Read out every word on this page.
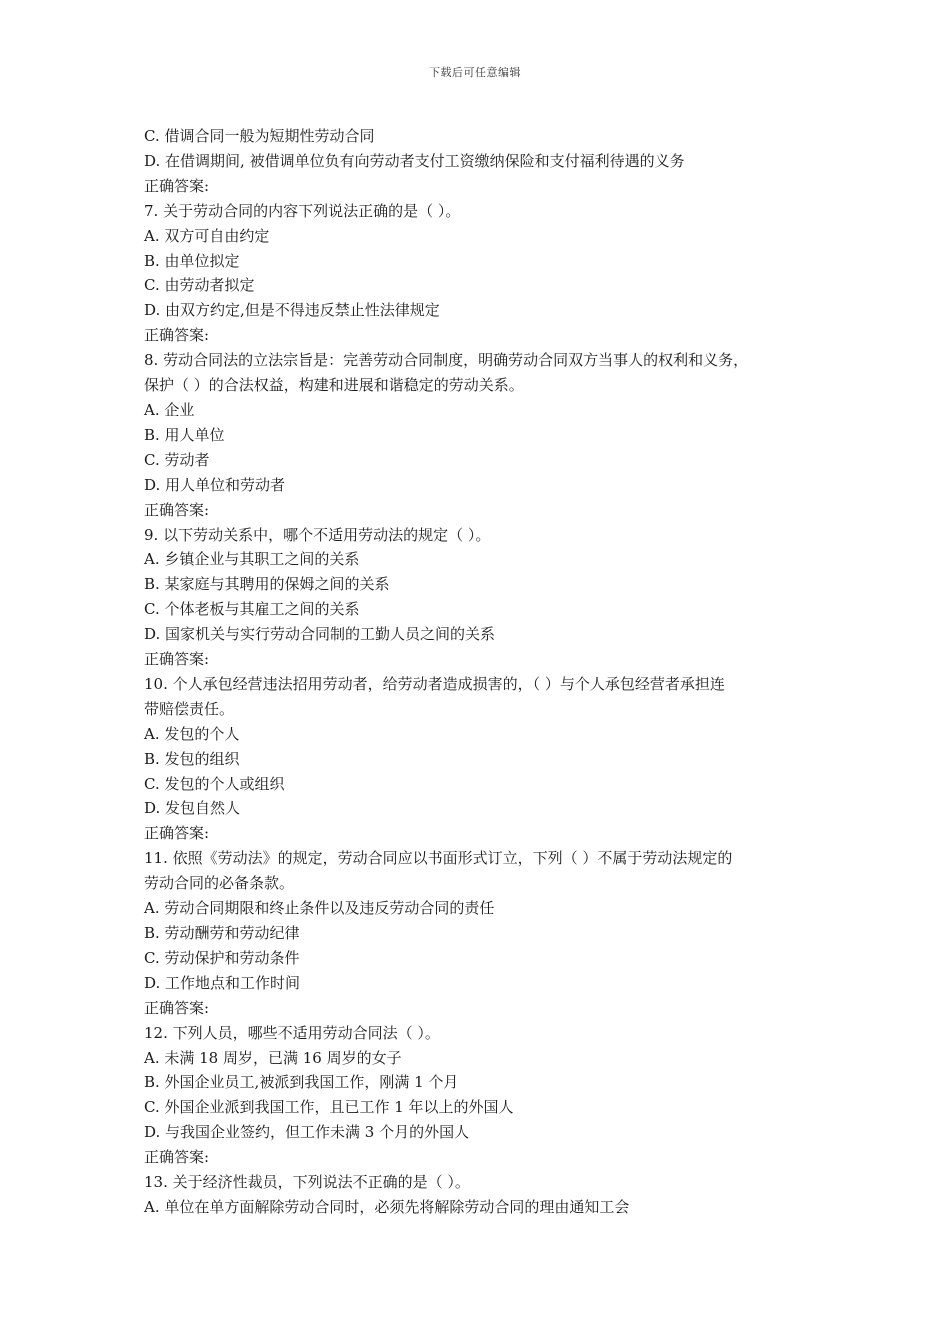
下载后可任意编辑
C. 借调合同一般为短期性劳动合同
D. 在借调期间, 被借调单位负有向劳动者支付工资缴纳保险和支付福利待遇的义务
正确答案:
7. 关于劳动合同的内容下列说法正确的是（ ）。
A. 双方可自由约定
B. 由单位拟定
C. 由劳动者拟定
D. 由双方约定,但是不得违反禁止性法律规定
正确答案:
8. 劳动合同法的立法宗旨是：完善劳动合同制度，明确劳动合同双方当事人的权利和义务，
保护（ ）的合法权益，构建和进展和谐稳定的劳动关系。
A. 企业
B. 用人单位
C. 劳动者
D. 用人单位和劳动者
正确答案:
9. 以下劳动关系中，哪个不适用劳动法的规定（ ）。
A. 乡镇企业与其职工之间的关系
B. 某家庭与其聘用的保姆之间的关系
C. 个体老板与其雇工之间的关系
D. 国家机关与实行劳动合同制的工勤人员之间的关系
正确答案:
10. 个人承包经营违法招用劳动者，给劳动者造成损害的，（ ）与个人承包经营者承担连
带赔偿责任。
A. 发包的个人
B. 发包的组织
C. 发包的个人或组织
D. 发包自然人
正确答案:
11. 依照《劳动法》的规定，劳动合同应以书面形式订立，下列（ ）不属于劳动法规定的
劳动合同的必备条款。
A. 劳动合同期限和终止条件以及违反劳动合同的责任
B. 劳动酬劳和劳动纪律
C. 劳动保护和劳动条件
D. 工作地点和工作时间
正确答案:
12. 下列人员，哪些不适用劳动合同法（ ）。
A. 未满 18 周岁，已满 16 周岁的女子
B. 外国企业员工,被派到我国工作，刚满 1 个月
C. 外国企业派到我国工作，且已工作 1 年以上的外国人
D. 与我国企业签约，但工作未满 3 个月的外国人
正确答案:
13. 关于经济性裁员，下列说法不正确的是（ ）。
A. 单位在单方面解除劳动合同时，必须先将解除劳动合同的理由通知工会
